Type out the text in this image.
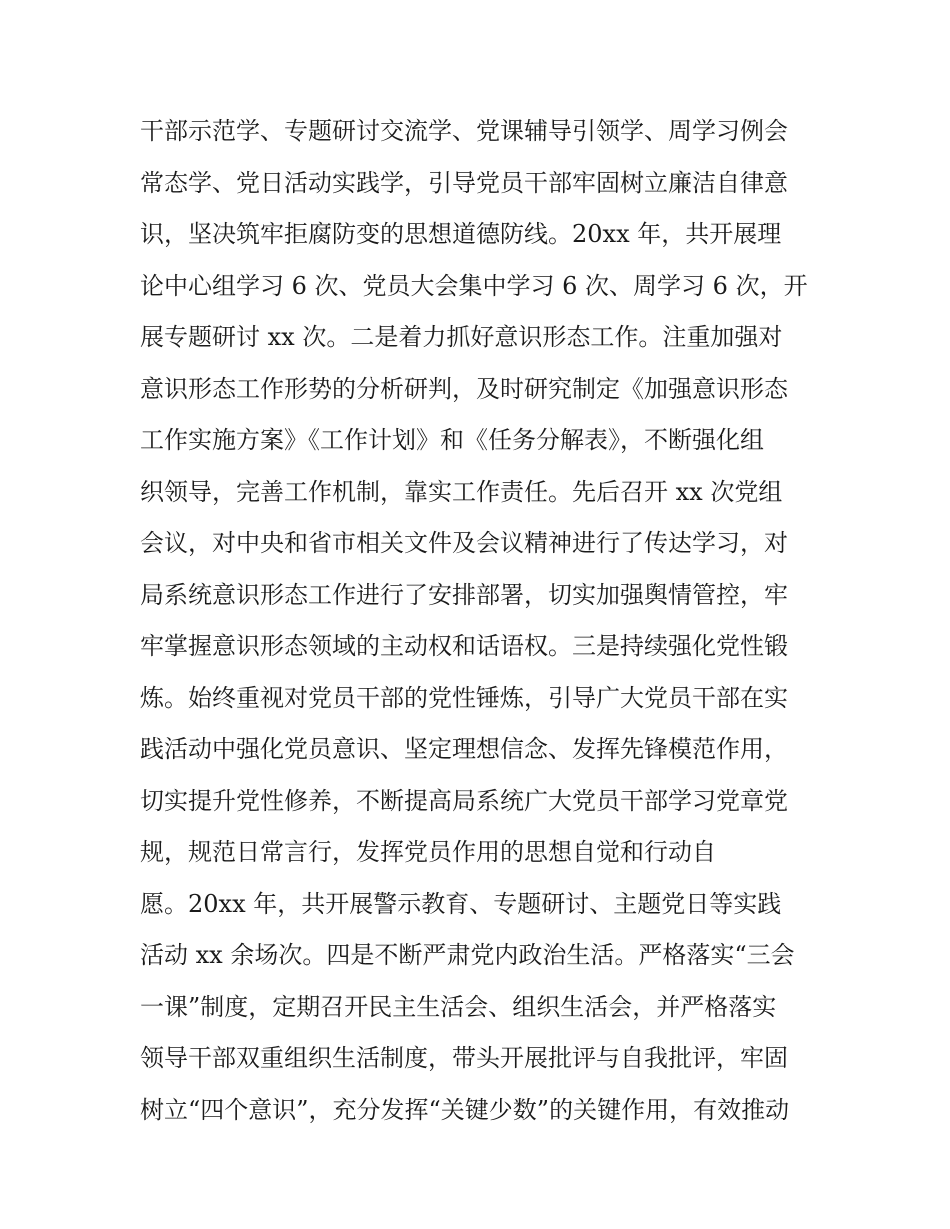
干部示范学、专题研讨交流学、党课辅导引领学、周学习例会
常态学、党日活动实践学，引导党员干部牢固树立廉洁自律意
识，坚决筑牢拒腐防变的思想道德防线。20xx 年，共开展理
论中心组学习 6 次、党员大会集中学习 6 次、周学习 6 次，开
展专题研讨 xx 次。二是着力抓好意识形态工作。注重加强对
意识形态工作形势的分析研判，及时研究制定《加强意识形态
工作实施方案》《工作计划》和《任务分解表》，不断强化组
织领导，完善工作机制，靠实工作责任。先后召开 xx 次党组
会议，对中央和省市相关文件及会议精神进行了传达学习，对
局系统意识形态工作进行了安排部署，切实加强舆情管控，牢
牢掌握意识形态领域的主动权和话语权。三是持续强化党性锻
炼。始终重视对党员干部的党性锤炼，引导广大党员干部在实
践活动中强化党员意识、坚定理想信念、发挥先锋模范作用，
切实提升党性修养，不断提高局系统广大党员干部学习党章党
规，规范日常言行，发挥党员作用的思想自觉和行动自
愿。20xx 年，共开展警示教育、专题研讨、主题党日等实践
活动 xx 余场次。四是不断严肃党内政治生活。严格落实“三会
一课”制度，定期召开民主生活会、组织生活会，并严格落实
领导干部双重组织生活制度，带头开展批评与自我批评，牢固
树立“四个意识”，充分发挥“关键少数”的关键作用，有效推动
